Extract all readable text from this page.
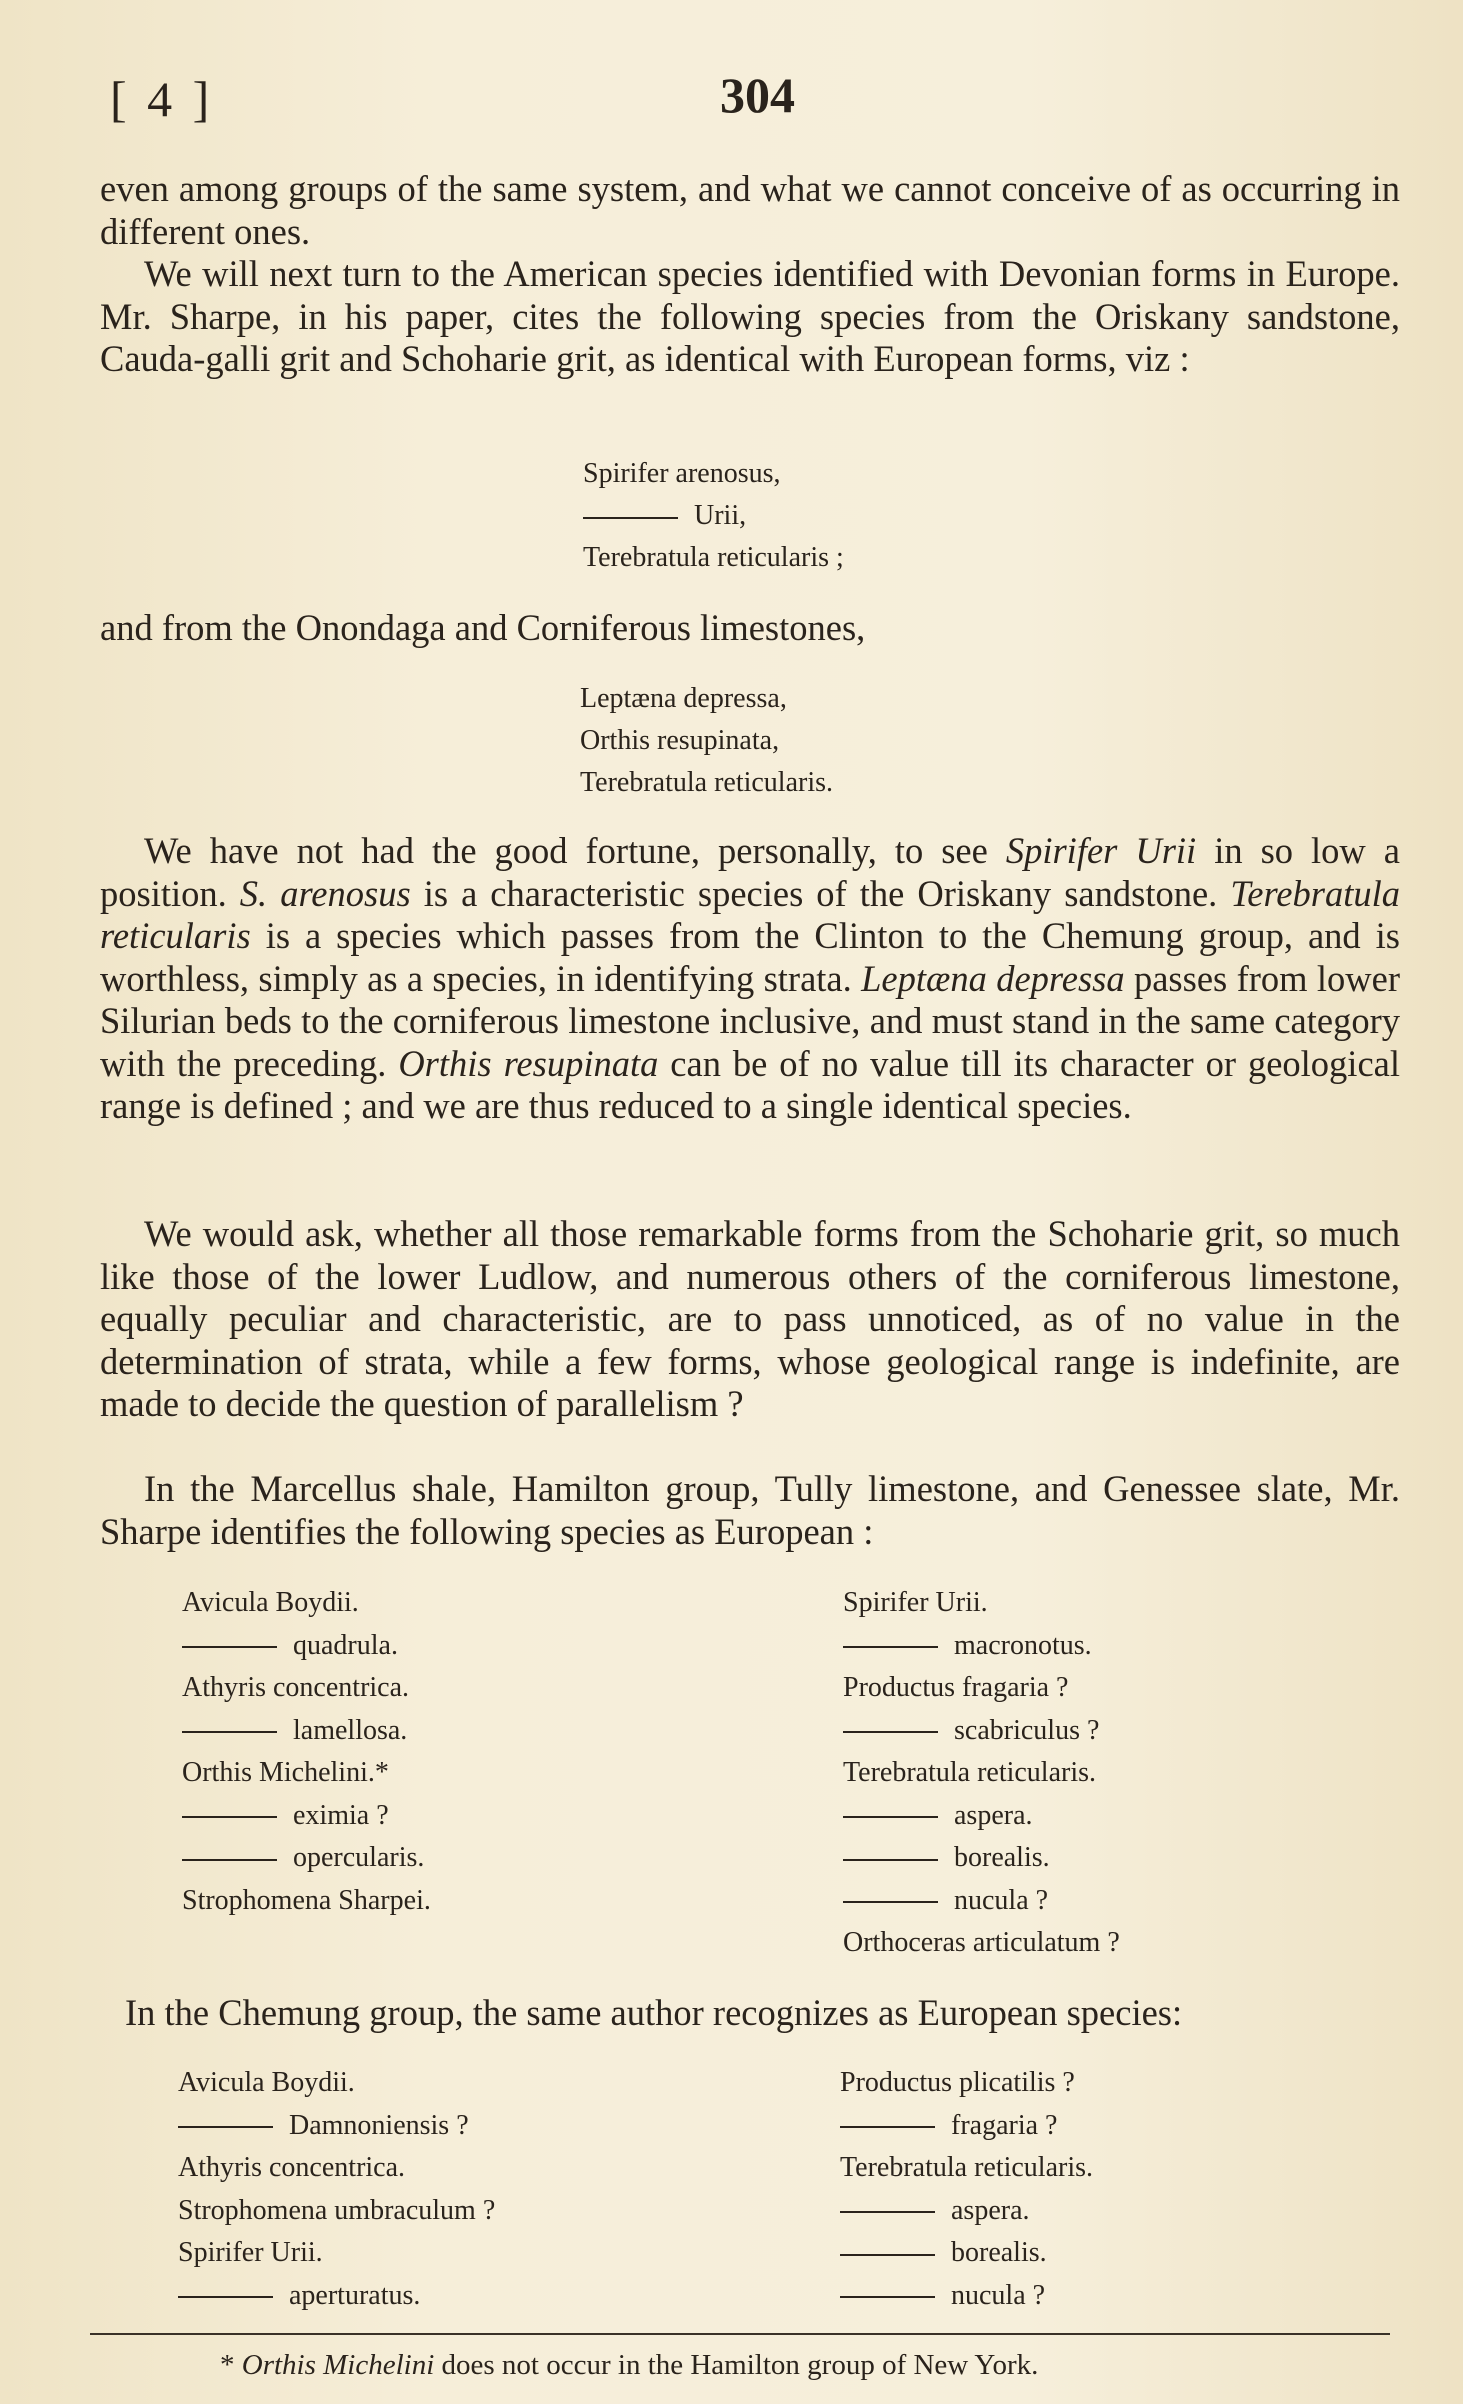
[ 4 ]	304

even among groups of the same system, and what we cannot conceive of as occurring in different ones.

We will next turn to the American species identified with Devonian forms in Europe. Mr. Sharpe, in his paper, cites the following species from the Oriskany sandstone, Cauda-galli grit and Schoharie grit, as identical with European forms, viz :

Spirifer arenosus,
Urii,
Terebratula reticularis ;

and from the Onondaga and Corniferous limestones,

Leptæna depressa,
Orthis resupinata,
Terebratula reticularis.

We have not had the good fortune, personally, to see Spirifer Urii in so low a position. S. arenosus is a characteristic species of the Oriskany sandstone. Terebratula reticularis is a species which passes from the Clinton to the Chemung group, and is worthless, simply as a species, in identifying strata. Leptæna depressa passes from lower Silurian beds to the corniferous limestone inclusive, and must stand in the same category with the preceding. Orthis resupinata can be of no value till its character or geological range is defined ; and we are thus reduced to a single identical species.

We would ask, whether all those remarkable forms from the Schoharie grit, so much like those of the lower Ludlow, and numerous others of the corniferous limestone, equally peculiar and characteristic, are to pass unnoticed, as of no value in the determination of strata, while a few forms, whose geological range is indefinite, are made to decide the question of parallelism ?

In the Marcellus shale, Hamilton group, Tully limestone, and Genessee slate, Mr. Sharpe identifies the following species as European :

Avicula Boydii.
quadrula.
Athyris concentrica.
lamellosa.
Orthis Michelini.*
eximia ?
opercularis.
Strophomena Sharpei.
Spirifer Urii.
macronotus.
Productus fragaria ?
scabriculus ?
Terebratula reticularis.
aspera.
borealis.
nucula ?
Orthoceras articulatum ?
In the Chemung group, the same author recognizes as European species:
Avicula Boydii.
Damnoniensis ?
Athyris concentrica.
Strophomena umbraculum ?
Spirifer Urii.
aperturatus.
Productus plicatilis ?
fragaria ?
Terebratula reticularis.
aspera.
borealis.
nucula ?
* Orthis Michelini does not occur in the Hamilton group of New York.
